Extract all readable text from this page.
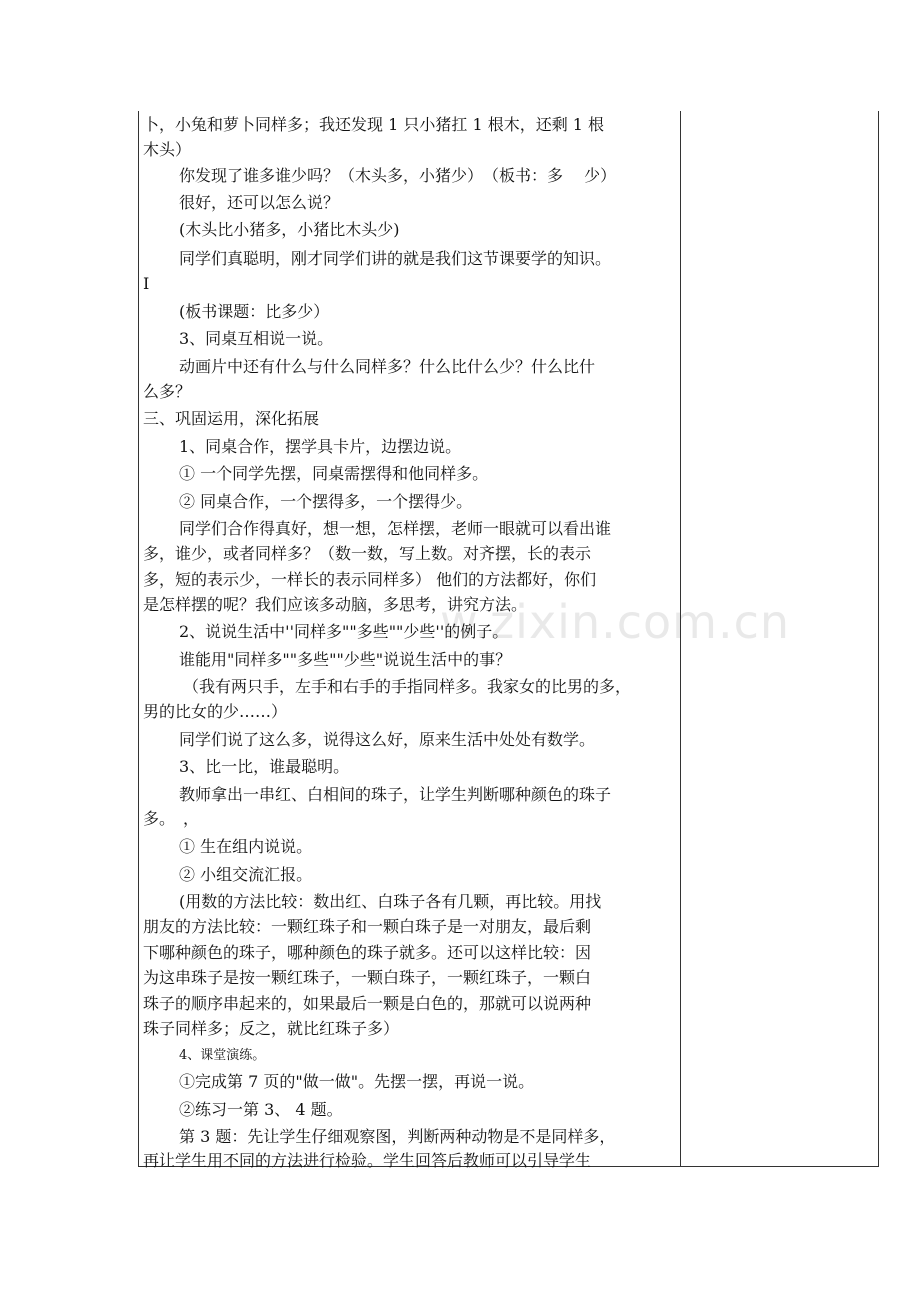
w.zixin.com.cn
卜，小兔和萝卜同样多；我还发现 1 只小猪扛 1 根木，还剩 1 根
木头）
你发现了谁多谁少吗？（木头多，小猪少）　（板书：多　 少）
很好，还可以怎么说？
(木头比小猪多，小猪比木头少)
同学们真聪明，刚才同学们讲的就是我们这节课要学的知识。
I
(板书课题：比多少）
3、同桌互相说一说。
动画片中还有什么与什么同样多？什么比什么少？什么比什
么多？
三、巩固运用，深化拓展
1、同桌合作，摆学具卡片，边摆边说。
① 一个同学先摆，同桌需摆得和他同样多。
② 同桌合作，一个摆得多，一个摆得少。
同学们合作得真好，想一想，怎样摆，老师一眼就可以看出谁
多，谁少，或者同样多？（数一数，写上数。对齐摆，长的表示
多，短的表示少，一样长的表示同样多） 他们的方法都好，你们
是怎样摆的呢？我们应该多动脑，多思考，讲究方法。
2、说说生活中''同样多""多些""少些''的例子。
谁能用"同样多""多些""少些"说说生活中的事？
（我有两只手，左手和右手的手指同样多。我家女的比男的多，
男的比女的少……）
同学们说了这么多，说得这么好，原来生活中处处有数学。
3、比一比，谁最聪明。
教师拿出一串红、白相间的珠子，让学生判断哪种颜色的珠子
多。　，
① 生在组内说说。
② 小组交流汇报。
(用数的方法比较：数出红、白珠子各有几颗，再比较。用找
朋友的方法比较：一颗红珠子和一颗白珠子是一对朋友，最后剩
下哪种颜色的珠子，哪种颜色的珠子就多。还可以这样比较：因
为这串珠子是按一颗红珠子，一颗白珠子，一颗红珠子，一颗白
珠子的顺序串起来的，如果最后一颗是白色的，那就可以说两种
珠子同样多；反之，就比红珠子多）
4、课堂演练。
①完成第 7 页的"做一做"。先摆一摆，再说一说。
②练习一第 3、 4 题。
第 3 题：先让学生仔细观察图，判断两种动物是不是同样多，
再让学生用不同的方法进行检验。学生回答后教师可以引导学生
